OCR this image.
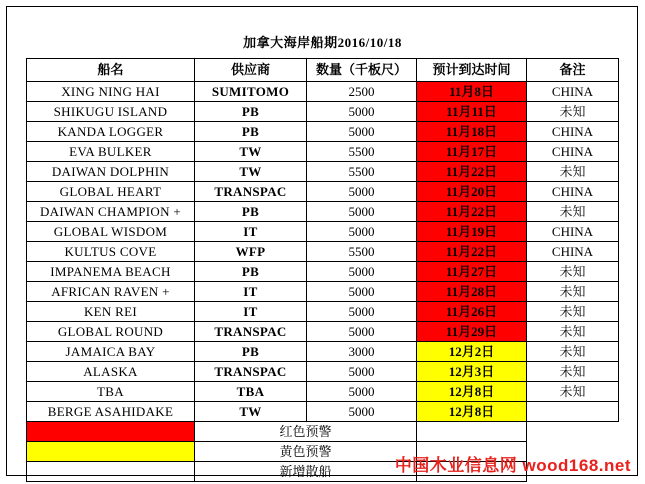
加拿大海岸船期2016/10/18				
船名	供应商	数量（千板尺）	预计到达时间	备注
XING NING HAI	SUMITOMO	2500	11月8日	CHINA
SHIKUGU ISLAND	PB	5000	11月11日	未知
KANDA LOGGER	PB	5000	11月18日	CHINA
EVA BULKER	TW	5500	11月17日	CHINA
DAIWAN DOLPHIN	TW	5500	11月22日	未知
GLOBAL HEART	TRANSPAC	5000	11月20日	CHINA
DAIWAN CHAMPION +	PB	5000	11月22日	未知
GLOBAL WISDOM	IT	5000	11月19日	CHINA
KULTUS COVE	WFP	5500	11月22日	CHINA
IMPANEMA BEACH	PB	5000	11月27日	未知
AFRICAN RAVEN +	IT	5000	11月28日	未知
KEN REI	IT	5000	11月26日	未知
GLOBAL ROUND	TRANSPAC	5000	11月29日	未知
JAMAICA BAY	PB	3000	12月2日	未知
ALASKA	TRANSPAC	5000	12月3日	未知
TBA	TBA	5000	12月8日	未知
BERGE ASAHIDAKE	TW	5000	12月8日	
	红色预警			
	黄色预警			
	新增散船				中国木业信息网 wood168.net
